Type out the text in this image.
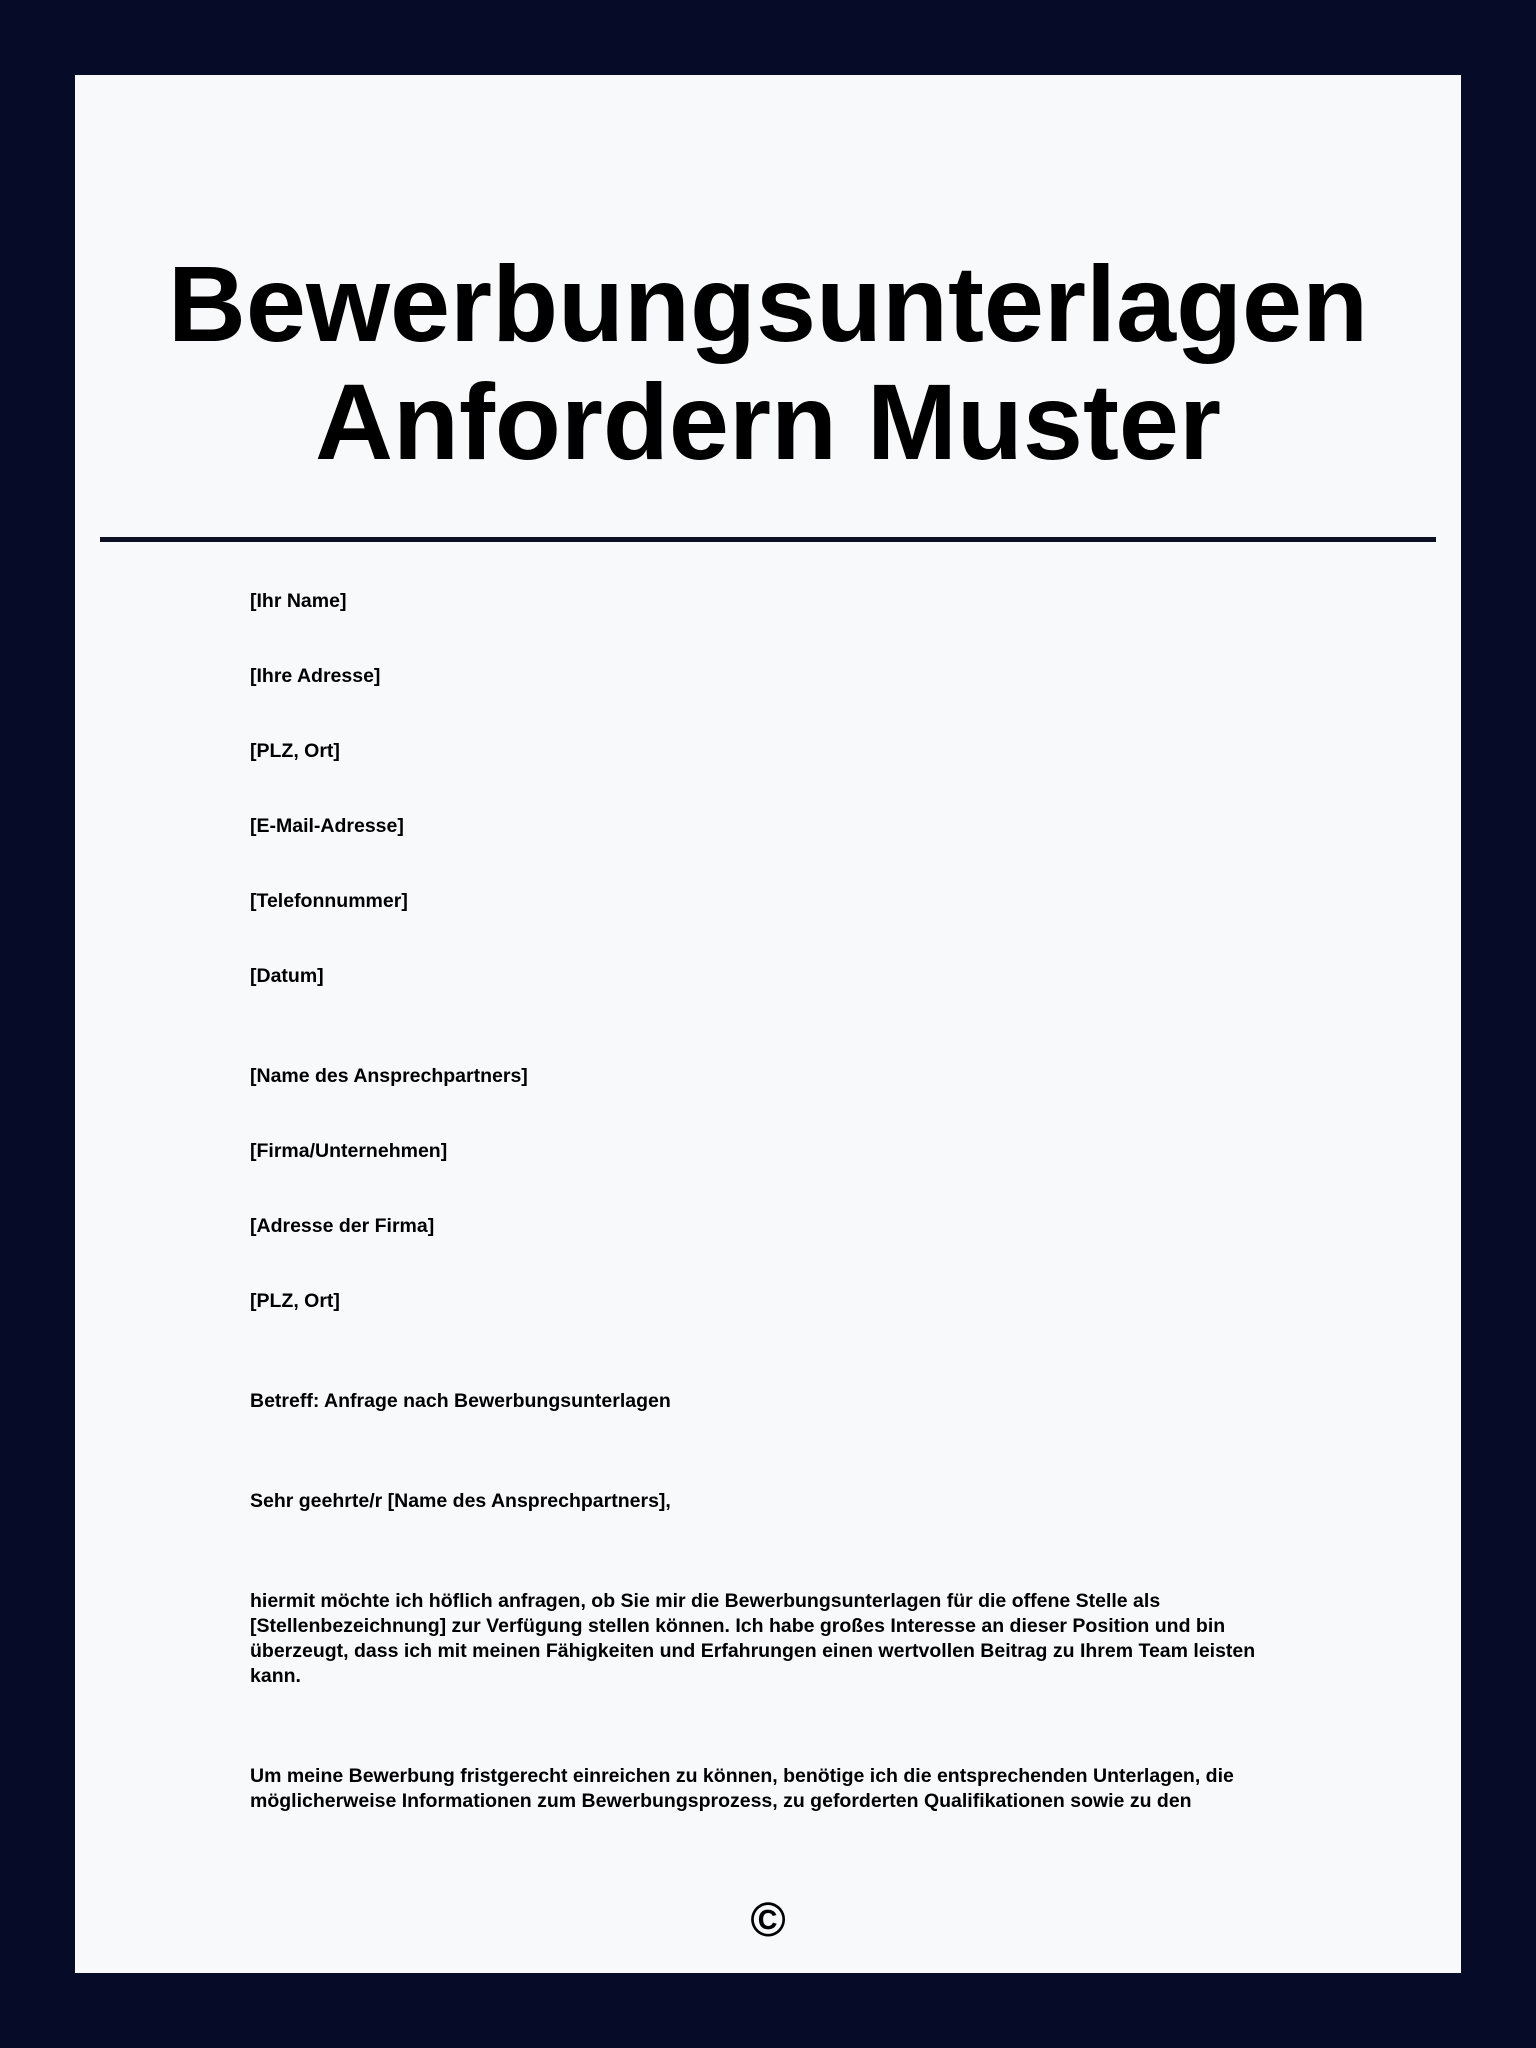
Bewerbungsunterlagen
Anfordern Muster
[Ihr Name]
[Ihre Adresse]
[PLZ, Ort]
[E-Mail-Adresse]
[Telefonnummer]
[Datum]
[Name des Ansprechpartners]
[Firma/Unternehmen]
[Adresse der Firma]
[PLZ, Ort]
Betreff: Anfrage nach Bewerbungsunterlagen
Sehr geehrte/r [Name des Ansprechpartners],
hiermit möchte ich höflich anfragen, ob Sie mir die Bewerbungsunterlagen für die offene Stelle als [Stellenbezeichnung] zur Verfügung stellen können. Ich habe großes Interesse an dieser Position und bin überzeugt, dass ich mit meinen Fähigkeiten und Erfahrungen einen wertvollen Beitrag zu Ihrem Team leisten kann.
Um meine Bewerbung fristgerecht einreichen zu können, benötige ich die entsprechenden Unterlagen, die möglicherweise Informationen zum Bewerbungsprozess, zu geforderten Qualifikationen sowie zu den
©
